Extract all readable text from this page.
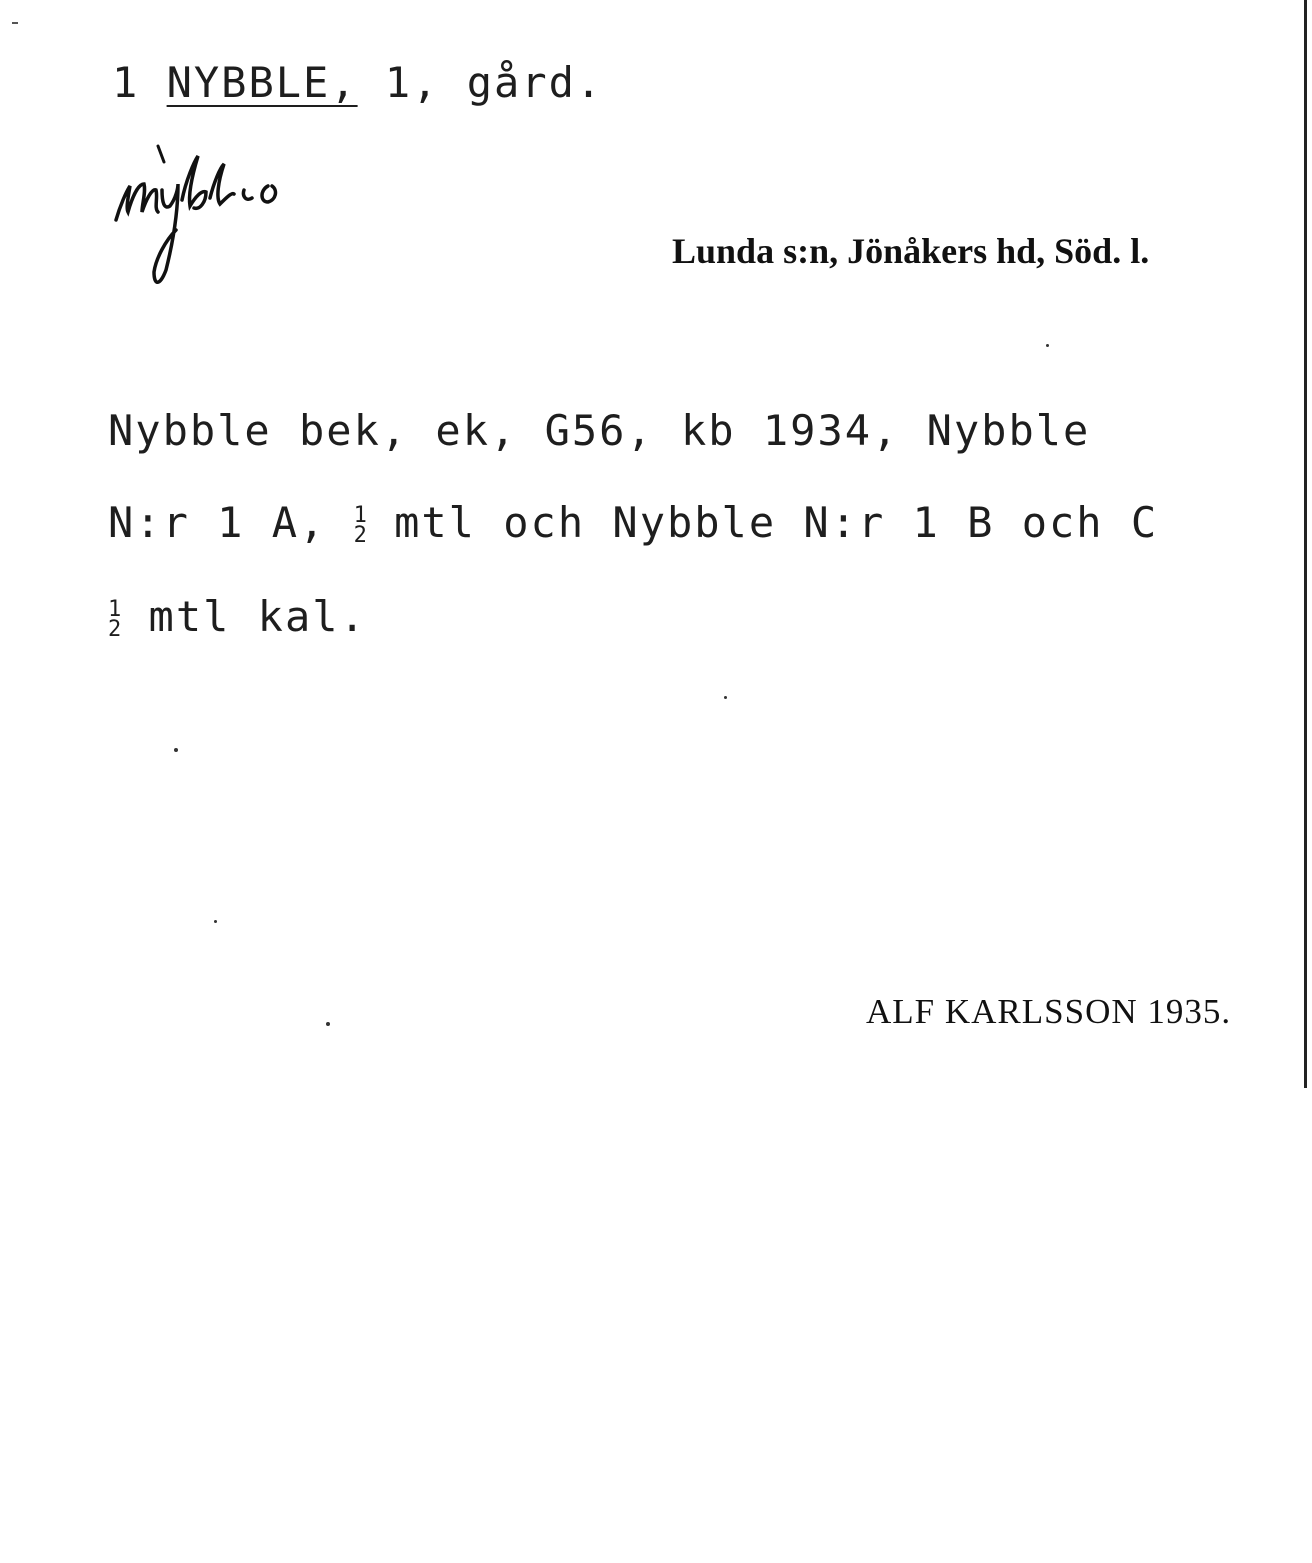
1 NYBBLE, 1, gård.
Lunda s:n, Jönåkers hd, Söd. l.
Nybble bek, ek, G56, kb 1934, Nybble
N:r 1 A, 1
2 mtl och Nybble N:r 1 B och C
1
2 mtl kal.
ALF KARLSSON 1935.
